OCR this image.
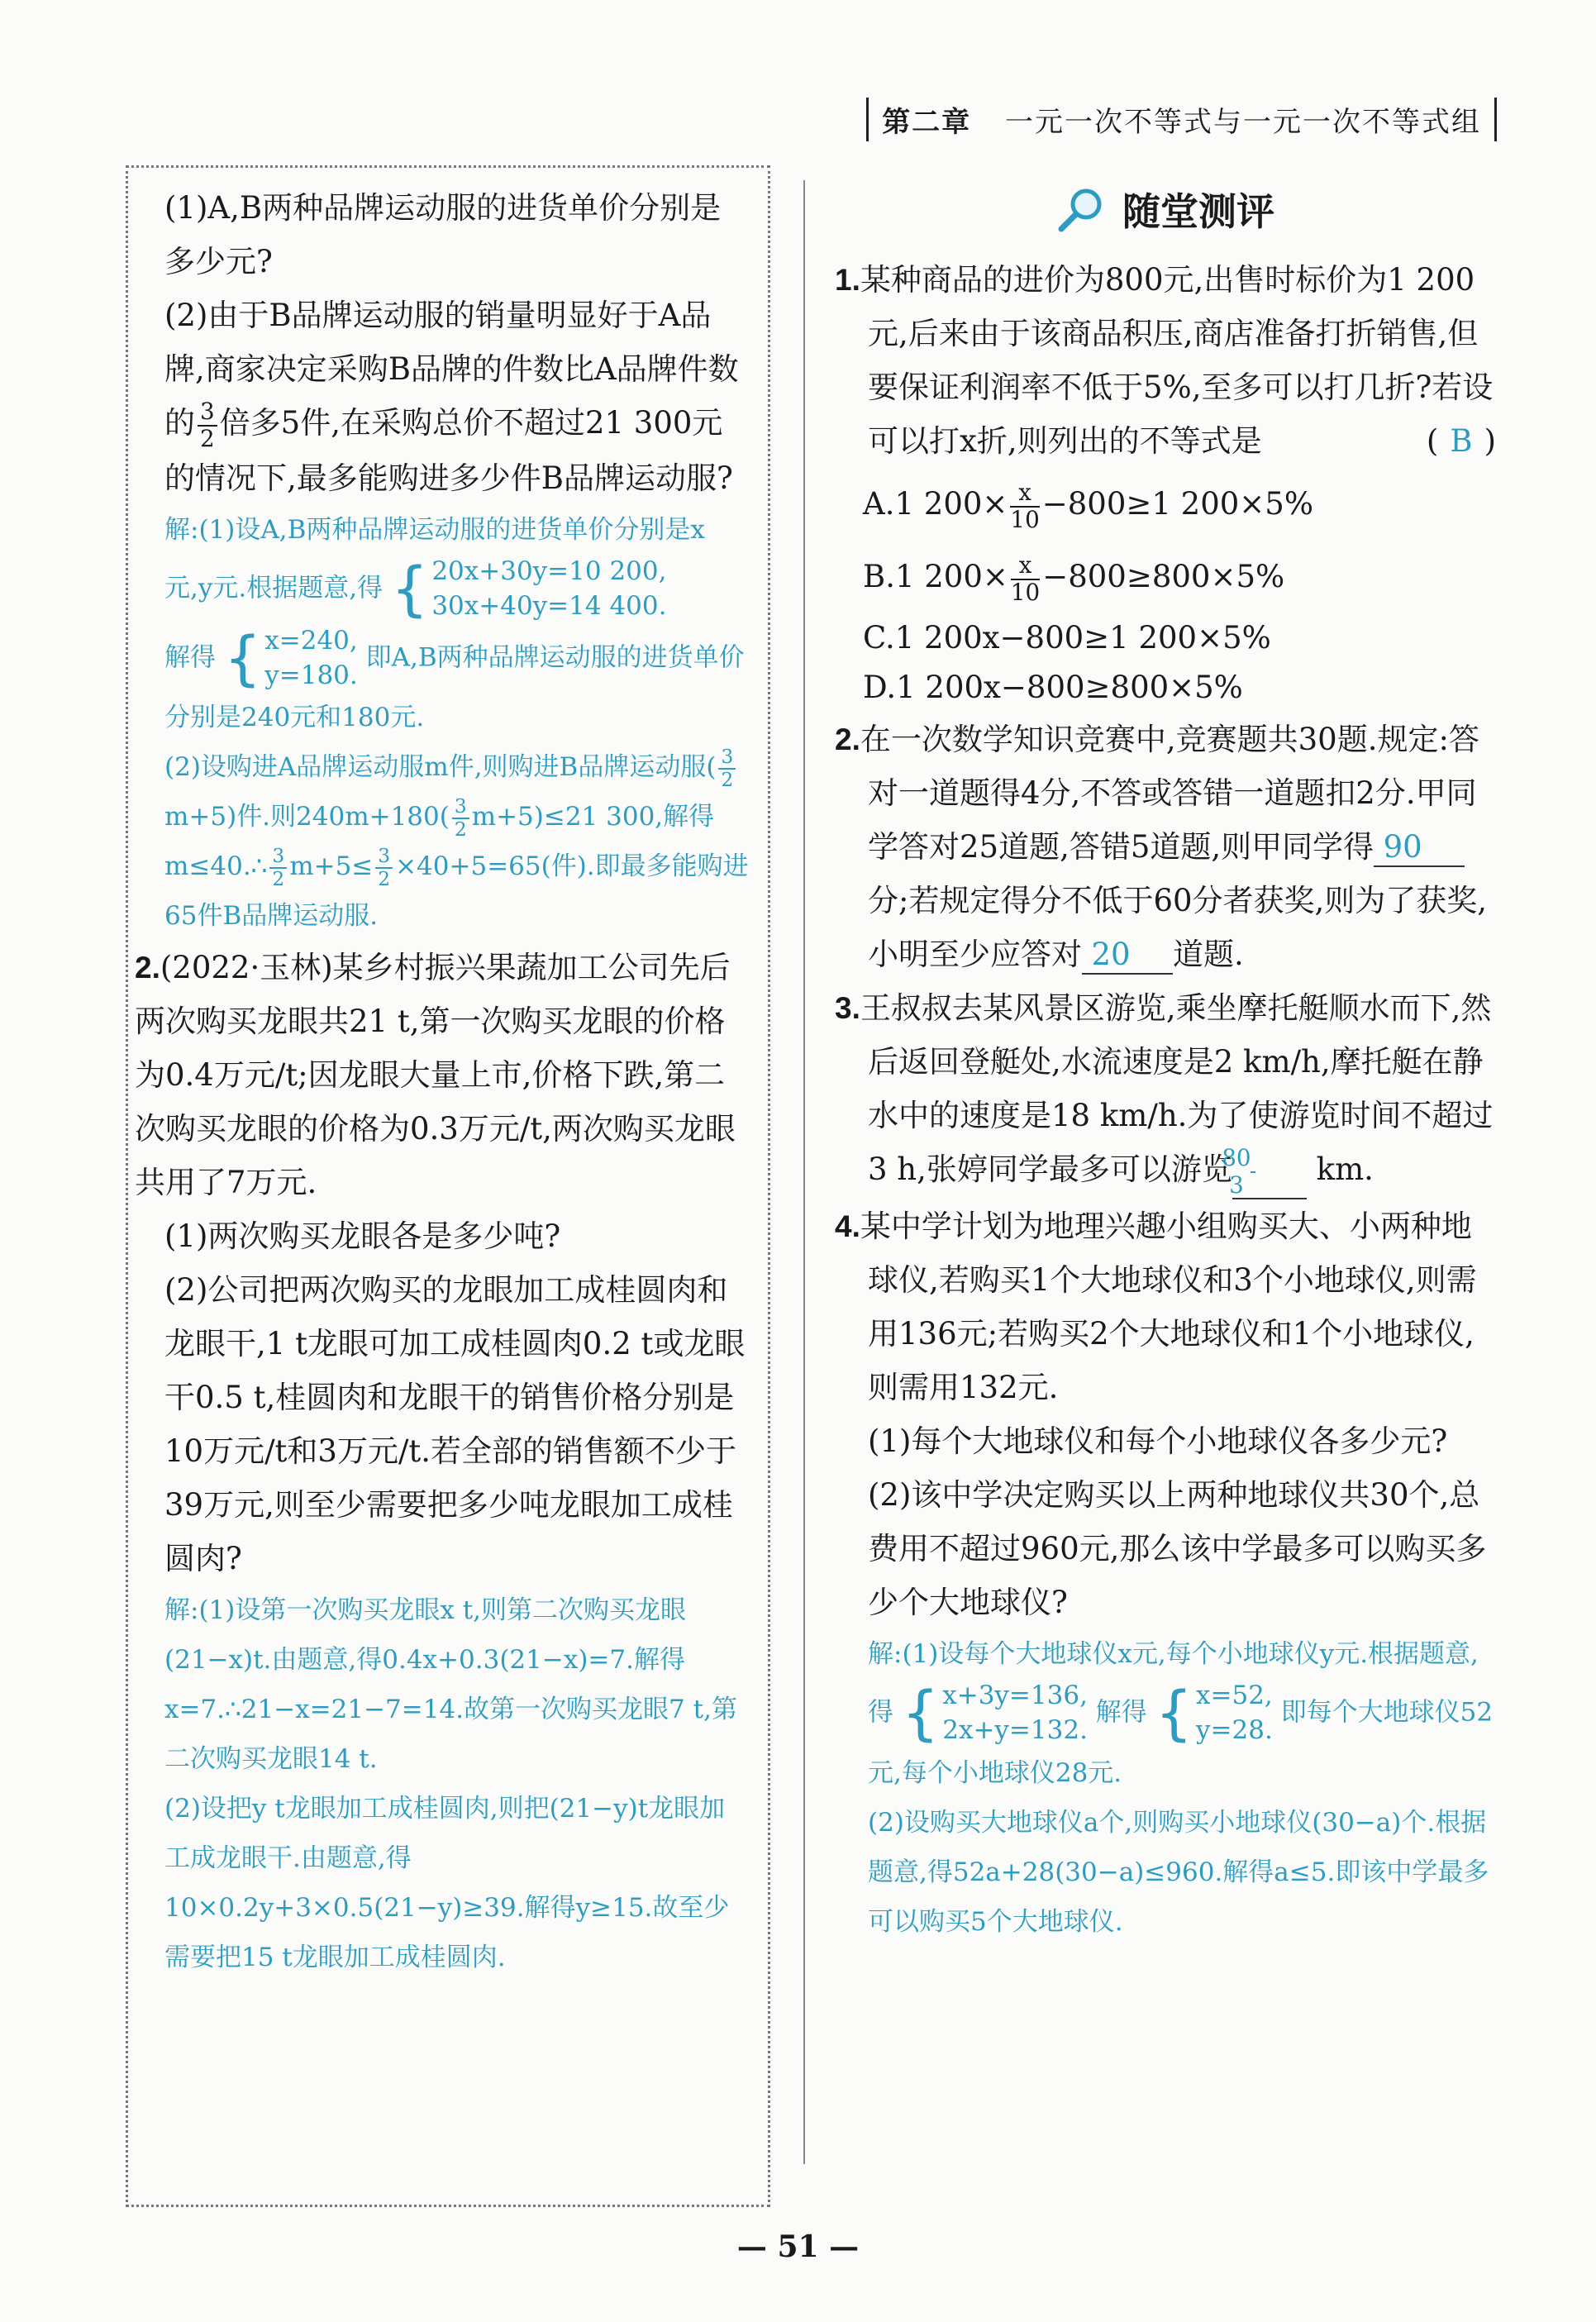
第二章 一元一次不等式与一元一次不等式组

(1)A,B两种品牌运动服的进货单价分别是多少元?

(2)由于B品牌运动服的销量明显好于A品牌,商家决定采购B品牌的件数比A品牌件数的 $\frac{3}{2}$ 倍多5件,在采购总价不超过21 300元的情况下,最多能购进多少件B品牌运动服?

解:(1)设A,B两种品牌运动服的进货单价分别是x元,y元.根据题意,得 { 20x+30y=10 200,
30x+40y=14 400.

解得 { x=240,
y=180.
即A,B两种品牌运动服的进货单价分别是240元和180元.

(2)设购进A品牌运动服m件,则购进B品牌运动服( $\frac{3}{2}$
m+5)件.则$240m+180( \frac{3}{2} m+5)\le 21$ 300,解得m≤40.∴ $\frac{3}{2} m+5\le \frac{3}{2} \times 40+5=65$(件).即最多能购进65件B品牌运动服.

2.(2022·玉林)某乡村振兴果蔬加工公司先后两次购买龙眼共21 t,第一次购买龙眼的价格为0.4万元/t;因龙眼大量上市,价格下跌,第二次购买龙眼的价格为0.3万元/t,两次购买龙眼共用了7万元.

(1)两次购买龙眼各是多少吨?

(2)公司把两次购买的龙眼加工成桂圆肉和龙眼干,1 t龙眼可加工成桂圆肉0.2 t或龙眼干0.5 t,桂圆肉和龙眼干的销售价格分别是10万元/t和3万元/t.若全部的销售额不少于39万元,则至少需要把多少吨龙眼加工成桂圆肉?

解:(1)设第一次购买龙眼x t,则第二次购买龙眼(21−x)t.由题意,得0.4x+0.3(21−x)=7.解得x=7.∴21−x=21−7=14.故第一次购买龙眼7 t,第二次购买龙眼14 t.

(2)设把y t龙眼加工成桂圆肉,则把(21−y)t龙眼加工成龙眼干.由题意,得10×0.2y+3×0.5(21−y)≥39.解得y≥15.故至少需要把15 t龙眼加工成桂圆肉.

随堂测评

1.某种商品的进价为800元,出售时标价为1 200元,后来由于该商品积压,商店准备打折销售,但要保证利润率不低于5%,至多可以打几折?若设可以打x折,则列出的不等式是	( B )

A.1 $200\times \frac{x}{10} -800\ge 1$ 200×5%

B.1 $200\times \frac{x}{10} -800\ge 800\times 5\%$

C.1 200x−800≥1 200×5%

D.1 200x−800≥800×5%

2.在一次数学知识竞赛中,竞赛题共30题.规定:答对一道题得4分,不答或答错一道题扣2分.甲同学答对25道题,答错5道题,则甲同学得 90分;若规定得分不低于60分者获奖,则为了获奖,小明至少应答对 20 道题.

3.王叔叔去某风景区游览,乘坐摩托艇顺水而下,然后返回登艇处,水流速度是2 km/h,摩托艇在静水中的速度是18 km/h.为了使游览时间不超过3 h,张婷同学最多可以游览 $\frac{80}{3}$ km.

4.某中学计划为地理兴趣小组购买大、小两种地球仪,若购买1个大地球仪和3个小地球仪,则需用136元;若购买2个大地球仪和1个小地球仪,则需用132元.

(1)每个大地球仪和每个小地球仪各多少元?

(2)该中学决定购买以上两种地球仪共30个,总费用不超过960元,那么该中学最多可以购买多少个大地球仪?

解:(1)设每个大地球仪x元,每个小地球仪y元.根据题意,得 { x+3y=136,
2x+y=132.
解得 { x=52,
y=28.
即每个大地球仪52元,每个小地球仪28元.

(2)设购买大地球仪a个,则购买小地球仪(30−a)个.根据题意,得52a+28(30−a)≤960.解得a≤5.即该中学最多可以购买5个大地球仪.

— 51 —
